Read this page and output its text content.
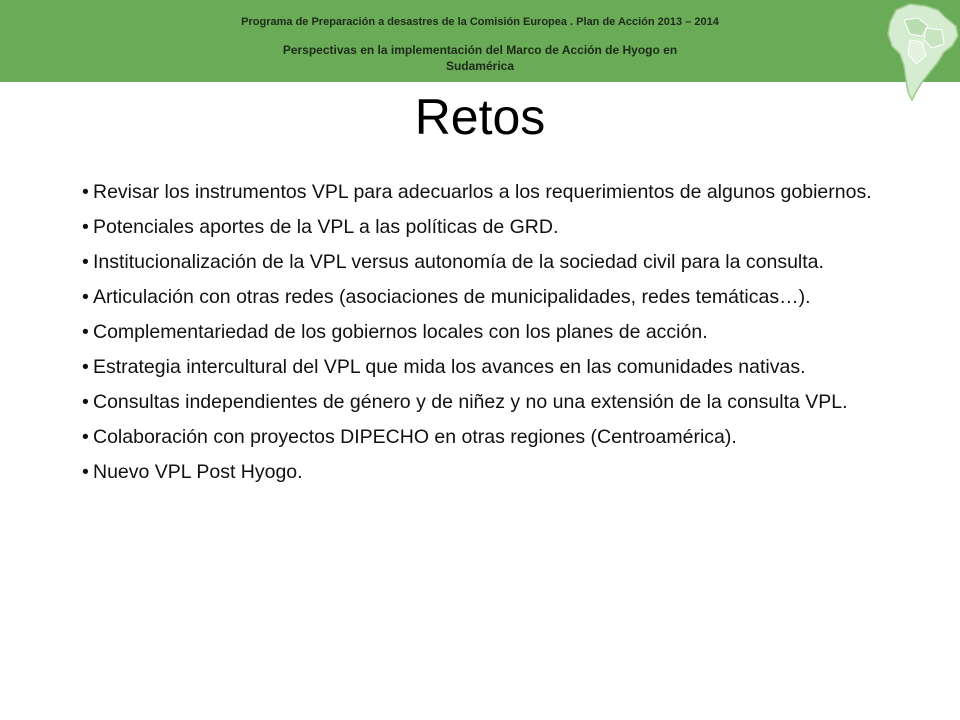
Programa de Preparación a desastres de la Comisión Europea . Plan de Acción 2013 – 2014
Perspectivas en la implementación del Marco de Acción de Hyogo en
Sudamérica
Retos
• Revisar los instrumentos VPL para adecuarlos a los requerimientos de algunos gobiernos.
• Potenciales aportes de la VPL a las políticas de GRD.
• Institucionalización de la VPL versus autonomía de la sociedad civil para la consulta.
• Articulación con otras redes (asociaciones de municipalidades, redes temáticas…).
• Complementariedad de los gobiernos locales con los planes de acción.
• Estrategia intercultural del VPL que mida los avances en las comunidades nativas.
• Consultas independientes de género y de niñez y no una extensión de la consulta VPL.
• Colaboración con proyectos DIPECHO en otras regiones (Centroamérica).
• Nuevo VPL Post Hyogo.
